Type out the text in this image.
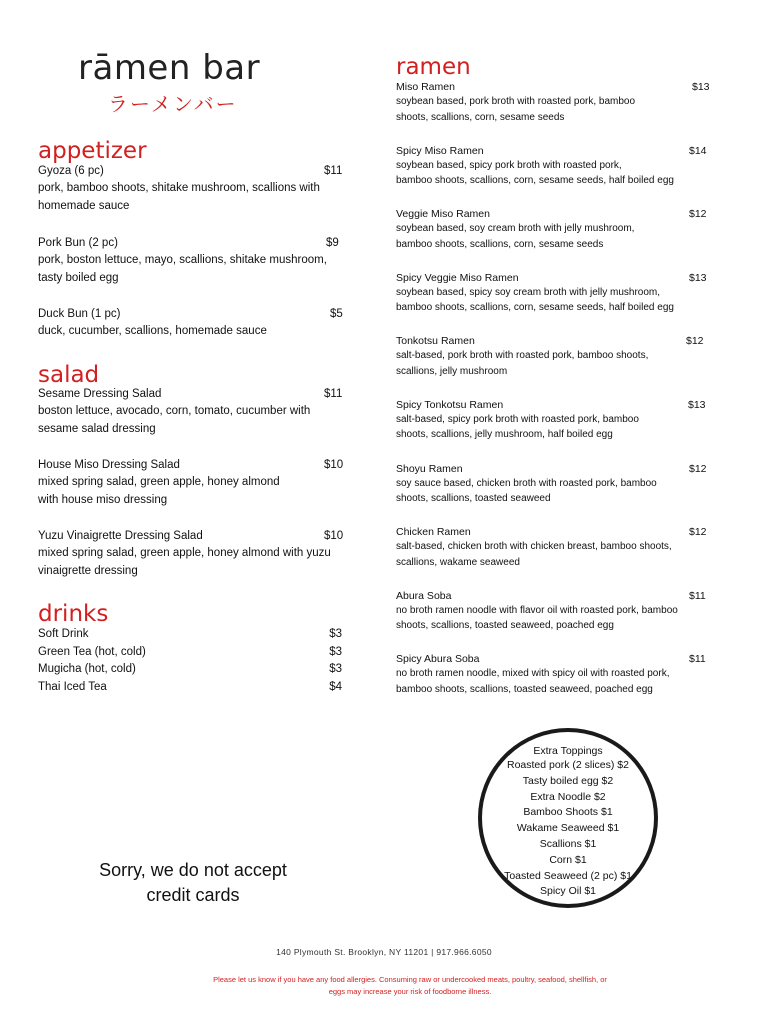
rāmen bar
ラーメンバー
appetizer
Gyoza (6 pc)	$11
pork, bamboo shoots, shitake mushroom, scallions with
homemade sauce
Pork Bun (2 pc)	$9
pork, boston lettuce, mayo, scallions, shitake mushroom,
tasty boiled egg
Duck Bun (1 pc)	$5
duck, cucumber, scallions, homemade sauce
salad
Sesame Dressing Salad	$11
boston lettuce, avocado, corn, tomato, cucumber with
sesame salad dressing
House Miso Dressing Salad	$10
mixed spring salad, green apple, honey almond
with house miso dressing
Yuzu Vinaigrette Dressing Salad	$10
mixed spring salad, green apple, honey almond with yuzu
vinaigrette dressing
drinks
Soft Drink	$3
Green Tea (hot, cold)	$3
Mugicha (hot, cold)	$3
Thai Iced Tea	$4
ramen
Miso Ramen	$13
soybean based, pork broth with roasted pork, bamboo
shoots, scallions, corn, sesame seeds
Spicy Miso Ramen	$14
soybean based, spicy pork broth with roasted pork,
bamboo shoots, scallions, corn, sesame seeds, half boiled egg
Veggie Miso Ramen	$12
soybean based, soy cream broth with jelly mushroom,
bamboo shoots, scallions, corn, sesame seeds
Spicy Veggie Miso Ramen	$13
soybean based, spicy soy cream broth with jelly mushroom,
bamboo shoots, scallions, corn, sesame seeds, half boiled egg
Tonkotsu Ramen	$12
salt-based, pork broth with roasted pork, bamboo shoots,
scallions, jelly mushroom
Spicy Tonkotsu Ramen	$13
salt-based, spicy pork broth with roasted pork, bamboo
shoots, scallions, jelly mushroom, half boiled egg
Shoyu Ramen	$12
soy sauce based, chicken broth with roasted pork, bamboo
shoots, scallions, toasted seaweed
Chicken Ramen	$12
salt-based, chicken broth with chicken breast, bamboo shoots,
scallions, wakame seaweed
Abura Soba	$11
no broth ramen noodle with flavor oil with roasted pork, bamboo
shoots, scallions, toasted seaweed, poached egg
Spicy Abura Soba	$11
no broth ramen noodle, mixed with spicy oil with roasted pork,
bamboo shoots, scallions, toasted seaweed, poached egg
Extra Toppings
Roasted pork (2 slices) $2
Tasty boiled egg $2
Extra Noodle $2
Bamboo Shoots $1
Wakame Seaweed $1
Scallions $1
Corn $1
Toasted Seaweed (2 pc) $1
Spicy Oil $1
Sorry, we do not accept
credit cards
140 Plymouth St. Brooklyn, NY 11201 | 917.966.6050
Please let us know if you have any food allergies. Consuming raw or undercooked meats, poultry, seafood, shellfish, or
eggs may increase your risk of foodborne illness.
